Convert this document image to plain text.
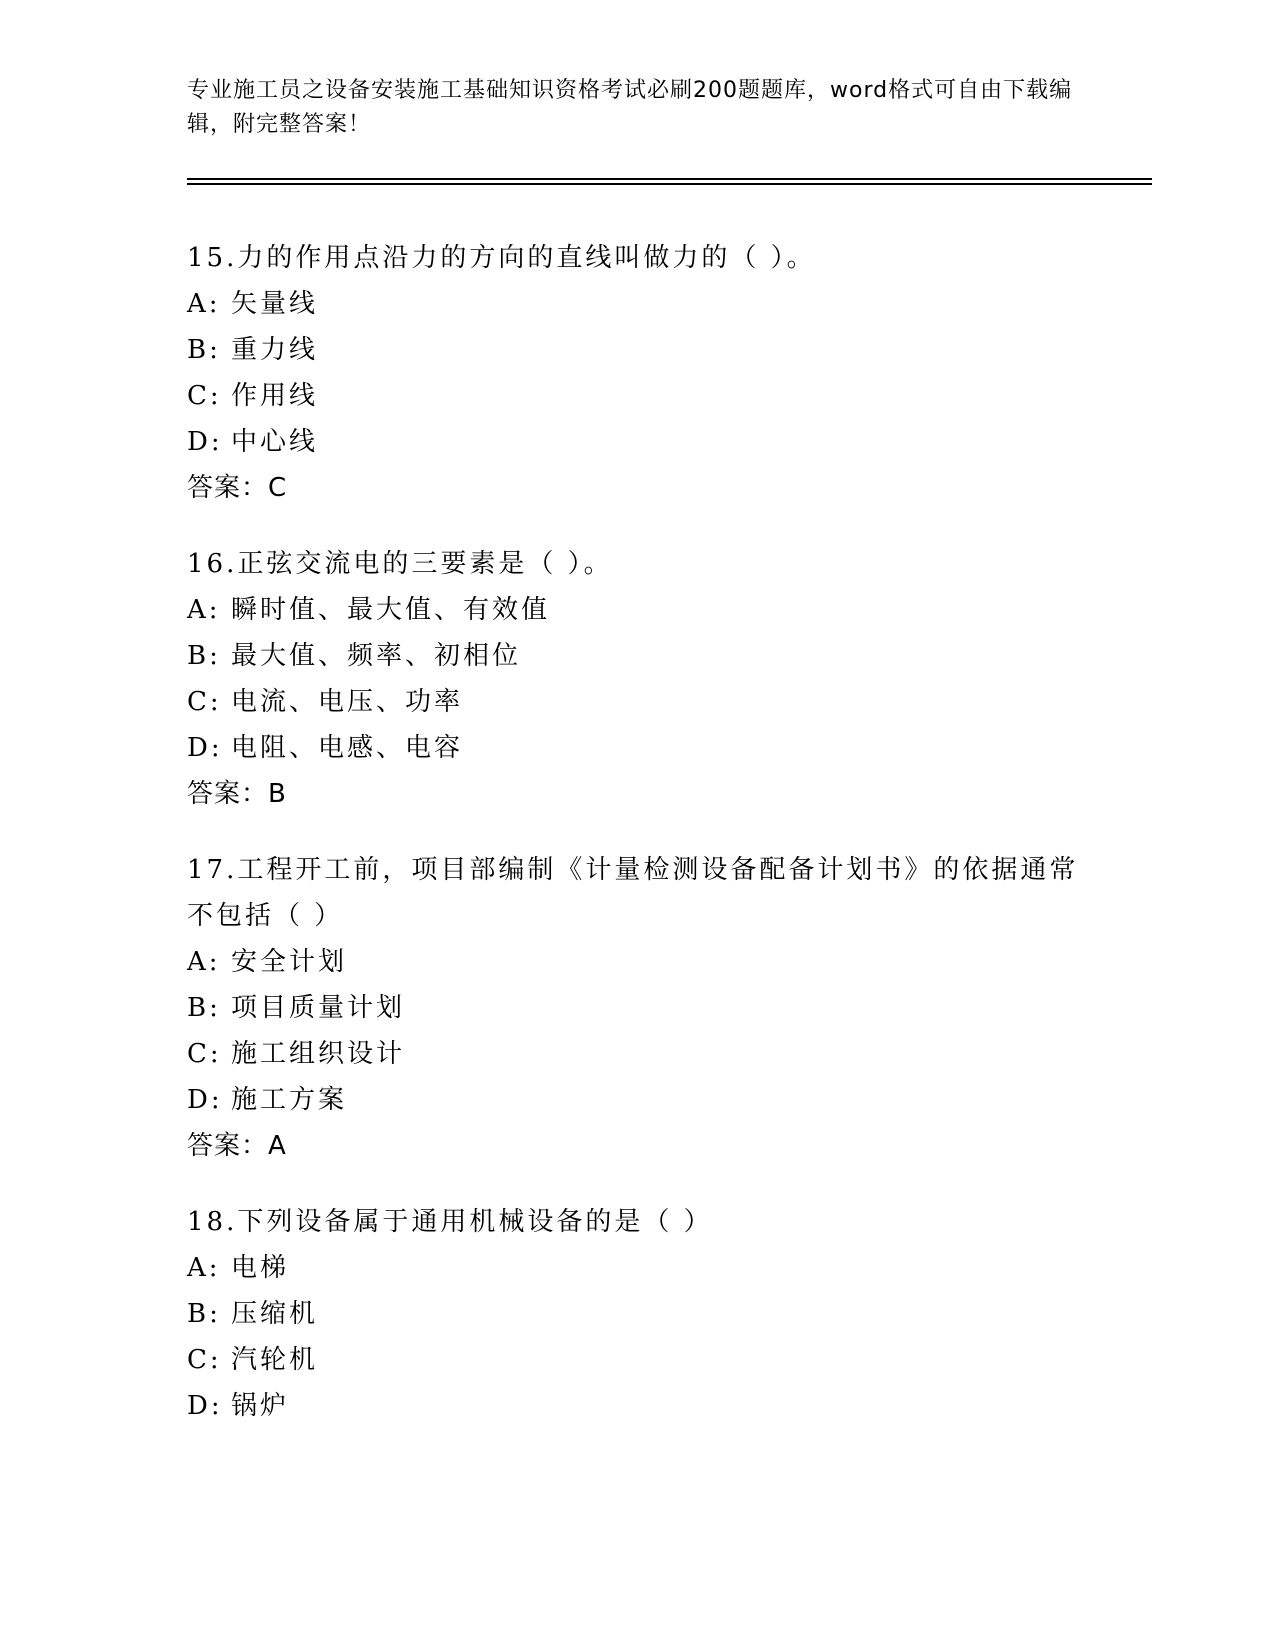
专业施工员之设备安装施工基础知识资格考试必刷200题题库，word格式可自由下载编辑，附完整答案！
15.力的作用点沿力的方向的直线叫做力的（ ）。
A: 矢量线
B: 重力线
C: 作用线
D: 中心线
答案：C
16.正弦交流电的三要素是（ ）。
A: 瞬时值、最大值、有效值
B: 最大值、频率、初相位
C: 电流、电压、功率
D: 电阻、电感、电容
答案：B
17.工程开工前，项目部编制《计量检测设备配备计划书》的依据通常不包括（ ）
A: 安全计划
B: 项目质量计划
C: 施工组织设计
D: 施工方案
答案：A
18.下列设备属于通用机械设备的是（ ）
A: 电梯
B: 压缩机
C: 汽轮机
D: 锅炉
